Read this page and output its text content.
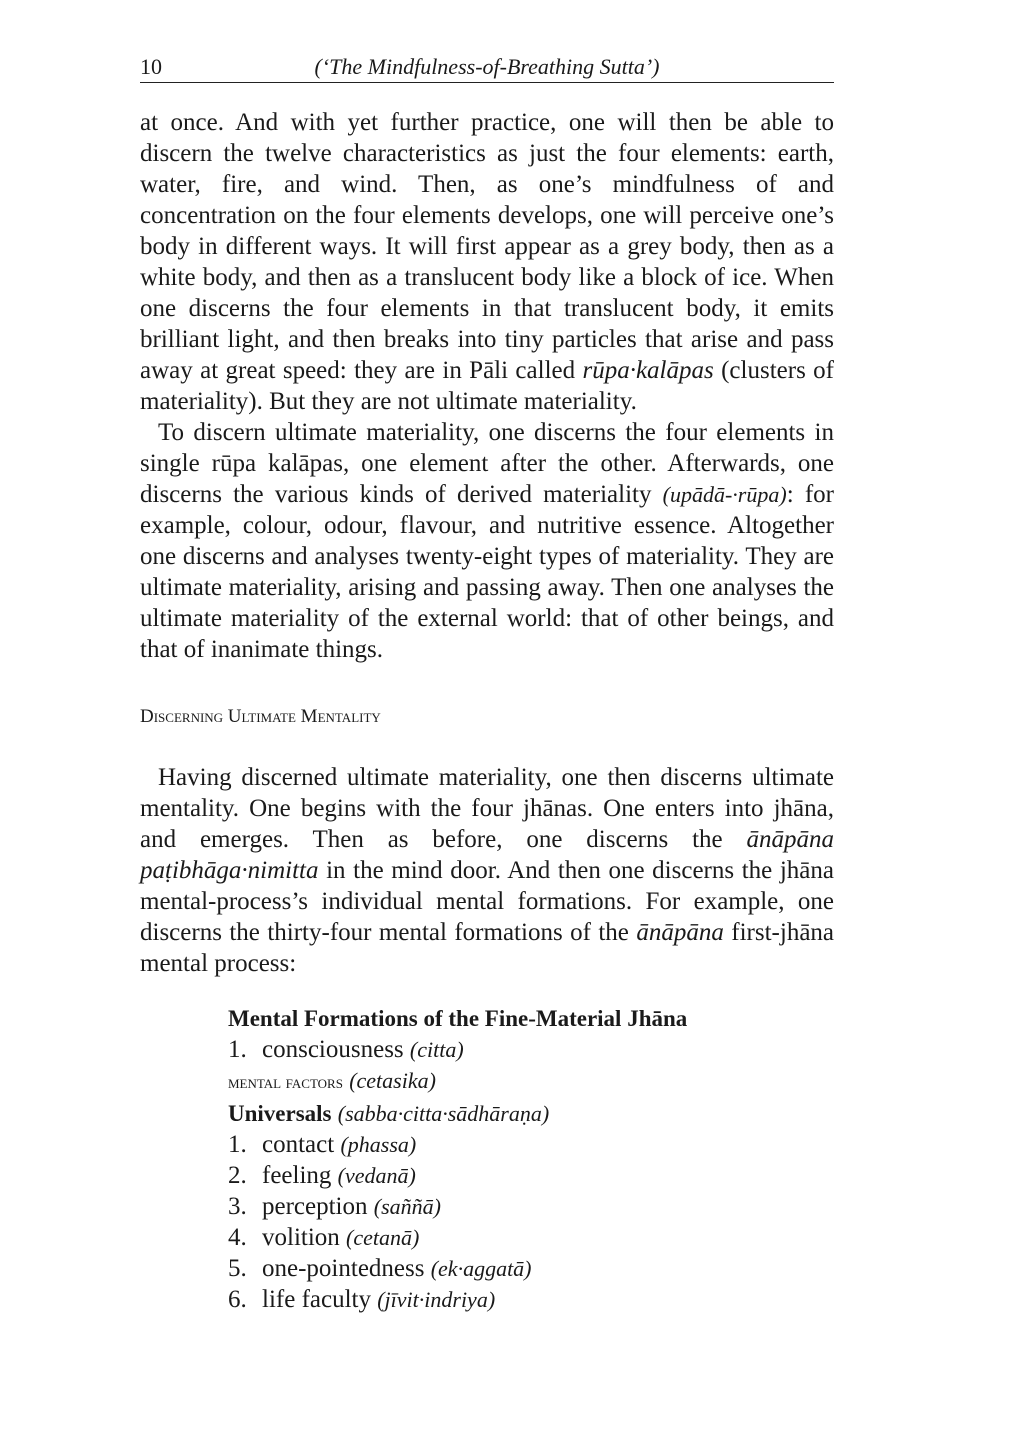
10	(‘The Mindfulness-of-Breathing Sutta’)

at once. And with yet further practice, one will then be able to discern the twelve characteristics as just the four elements: earth, water, fire, and wind. Then, as one’s mindfulness of and concentration on the four elements develops, one will perceive one’s body in different ways. It will first appear as a grey body, then as a white body, and then as a translucent body like a block of ice. When one discerns the four elements in that translucent body, it emits brilliant light, and then breaks into tiny particles that arise and pass away at great speed: they are in Pāli called rūpa·kalāpas (clusters of materiality). But they are not ultimate materiality.

To discern ultimate materiality, one discerns the four elements in single rūpa kalāpas, one element after the other. Afterwards, one discerns the various kinds of derived materiality (upādā-·rūpa): for example, colour, odour, flavour, and nutritive essence. Altogether one discerns and analyses twenty-eight types of materiality. They are ultimate materiality, arising and passing away. Then one analyses the ultimate materiality of the external world: that of other beings, and that of inanimate things.

Discerning Ultimate Mentality

Having discerned ultimate materiality, one then discerns ultimate mentality. One begins with the four jhānas. One enters into jhāna, and emerges. Then as before, one discerns the ānāpāna paṭibhāga·nimitta in the mind door. And then one discerns the jhāna mental-process’s individual mental formations. For example, one discerns the thirty-four mental formations of the ānāpāna first-jhāna mental process:

Mental Formations of the Fine-Material Jhāna
1. consciousness (citta)
mental factors (cetasika)
Universals (sabba·citta·sādhāraṇa)
1. contact (phassa)
2. feeling (vedanā)
3. perception (saññā)
4. volition (cetanā)
5. one-pointedness (ek·aggatā)
6. life faculty (jīvit·indriya)
